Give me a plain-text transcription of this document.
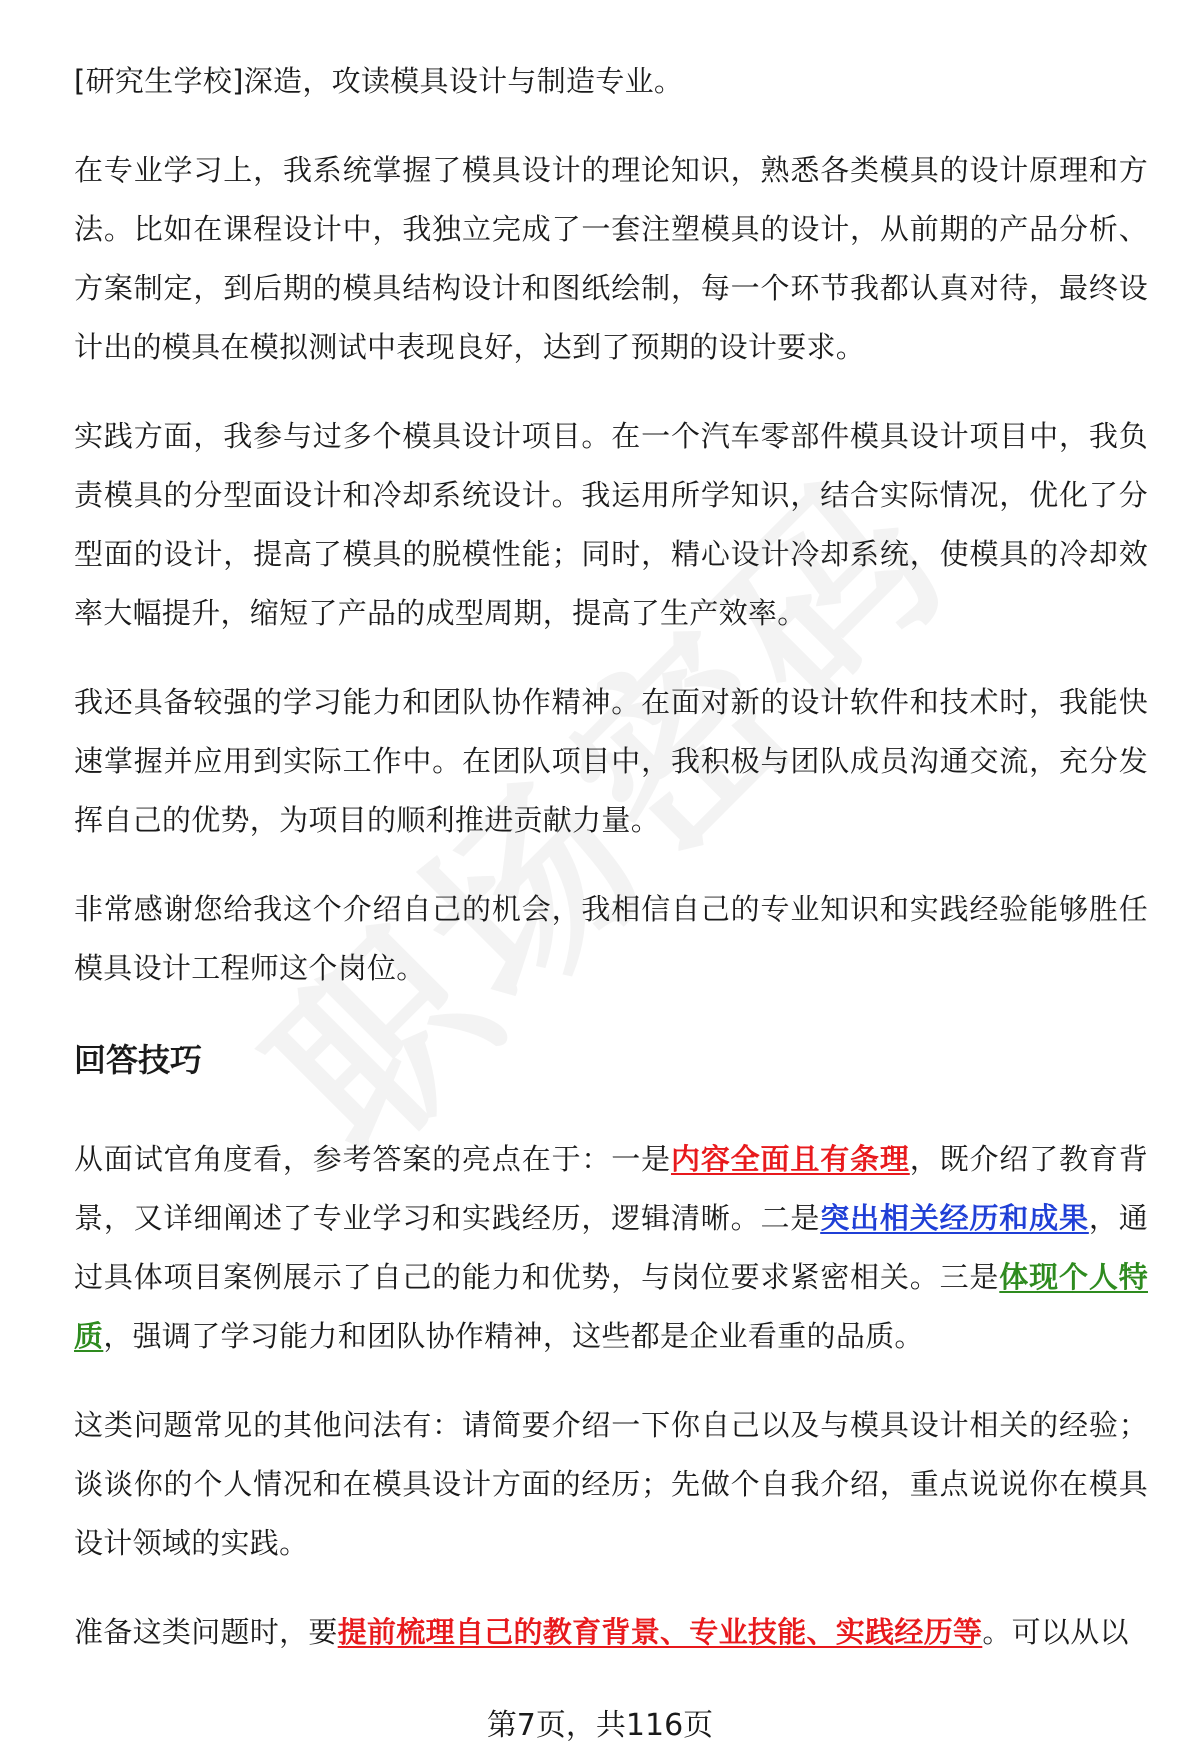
[研究生学校]深造，攻读模具设计与制造专业。

在专业学习上，我系统掌握了模具设计的理论知识，熟悉各类模具的设计原理和方法。比如在课程设计中，我独立完成了一套注塑模具的设计，从前期的产品分析、方案制定，到后期的模具结构设计和图纸绘制，每一个环节我都认真对待，最终设计出的模具在模拟测试中表现良好，达到了预期的设计要求。

实践方面，我参与过多个模具设计项目。在一个汽车零部件模具设计项目中，我负责模具的分型面设计和冷却系统设计。我运用所学知识，结合实际情况，优化了分型面的设计，提高了模具的脱模性能；同时，精心设计冷却系统，使模具的冷却效率大幅提升，缩短了产品的成型周期，提高了生产效率。

我还具备较强的学习能力和团队协作精神。在面对新的设计软件和技术时，我能快速掌握并应用到实际工作中。在团队项目中，我积极与团队成员沟通交流，充分发挥自己的优势，为项目的顺利推进贡献力量。

非常感谢您给我这个介绍自己的机会，我相信自己的专业知识和实践经验能够胜任模具设计工程师这个岗位。

回答技巧

从面试官角度看，参考答案的亮点在于：一是内容全面且有条理，既介绍了教育背景，又详细阐述了专业学习和实践经历，逻辑清晰。二是突出相关经历和成果，通过具体项目案例展示了自己的能力和优势，与岗位要求紧密相关。三是体现个人特质，强调了学习能力和团队协作精神，这些都是企业看重的品质。

这类问题常见的其他问法有：请简要介绍一下你自己以及与模具设计相关的经验；谈谈你的个人情况和在模具设计方面的经历；先做个自我介绍，重点说说你在模具设计领域的实践。

准备这类问题时，要提前梳理自己的教育背景、专业技能、实践经历等。可以从以

第7页，共116页
